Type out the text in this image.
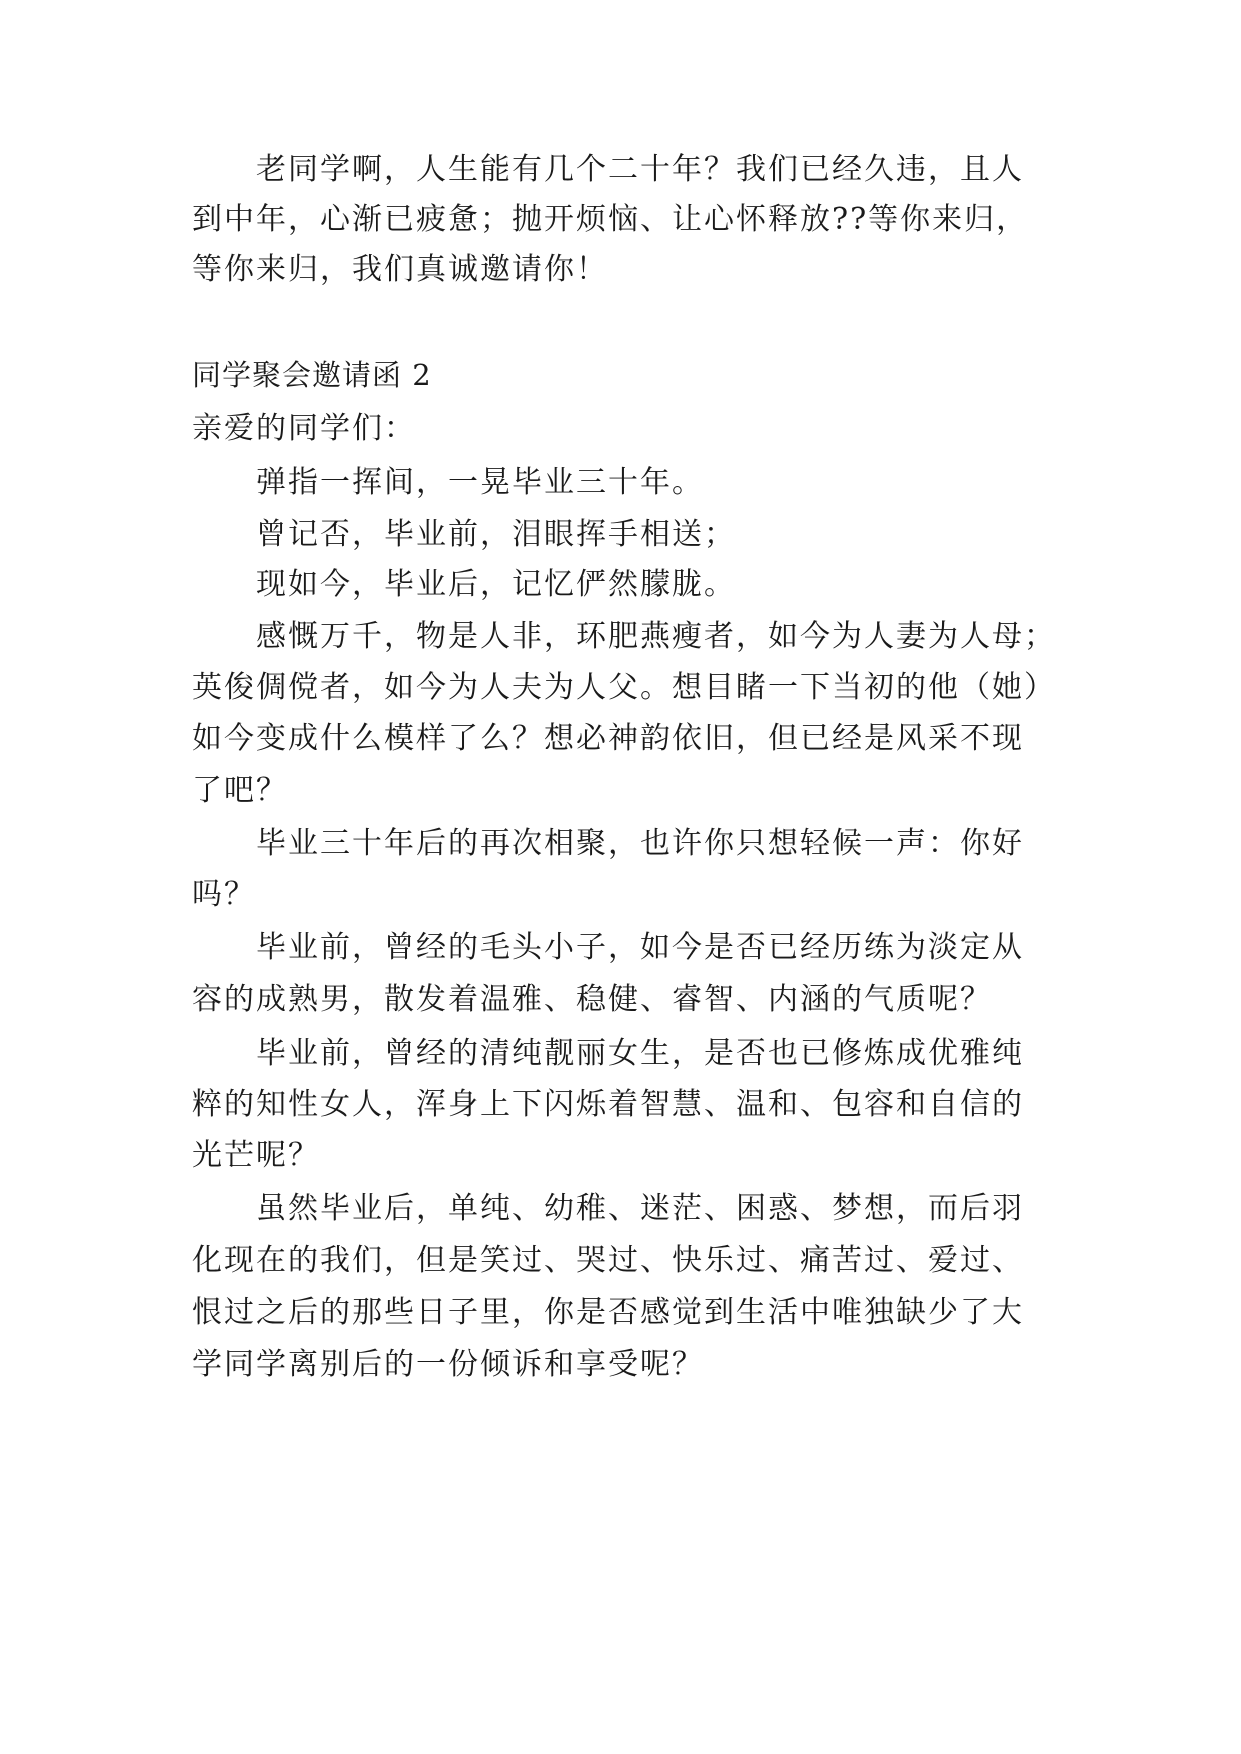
老同学啊，人生能有几个二十年？我们已经久违，且人
到中年，心渐已疲惫；抛开烦恼、让心怀释放??等你来归，
等你来归，我们真诚邀请你！
同学聚会邀请函 2
亲爱的同学们：
弹指一挥间，一晃毕业三十年。
曾记否，毕业前，泪眼挥手相送；
现如今，毕业后，记忆俨然朦胧。
感慨万千，物是人非，环肥燕瘦者，如今为人妻为人母；
英俊倜傥者，如今为人夫为人父。想目睹一下当初的他（她）
如今变成什么模样了么？想必神韵依旧，但已经是风采不现
了吧？
毕业三十年后的再次相聚，也许你只想轻候一声：你好
吗？
毕业前，曾经的毛头小子，如今是否已经历练为淡定从
容的成熟男，散发着温雅、稳健、睿智、内涵的气质呢？
毕业前，曾经的清纯靓丽女生，是否也已修炼成优雅纯
粹的知性女人，浑身上下闪烁着智慧、温和、包容和自信的
光芒呢？
虽然毕业后，单纯、幼稚、迷茫、困惑、梦想，而后羽
化现在的我们，但是笑过、哭过、快乐过、痛苦过、爱过、
恨过之后的那些日子里，你是否感觉到生活中唯独缺少了大
学同学离别后的一份倾诉和享受呢？
